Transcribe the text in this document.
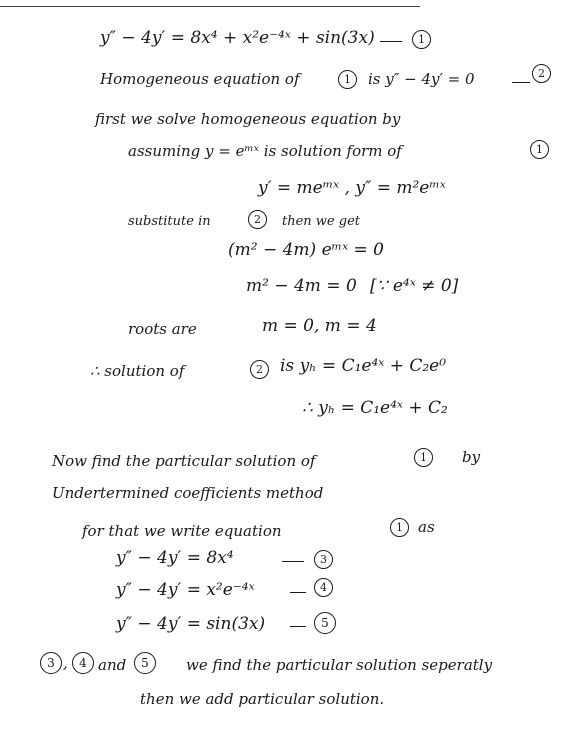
y″ − 4y′ = 8x⁴ + x²e⁻⁴ˣ + sin(3x)	1
Homogeneous equation of	1	is y″ − 4y′ = 0	2
first we solve homogeneous equation by
assuming y = eᵐˣ is solution form of	1
y′ = meᵐˣ , y″ = m²eᵐˣ
substitute in	2	then we get
(m² − 4m) eᵐˣ = 0
m² − 4m = 0 [∵ e⁴ˣ ≠ 0]
roots are	m = 0, m = 4
∴ solution of	2	is yₕ = C₁e⁴ˣ + C₂e⁰
∴ yₕ = C₁e⁴ˣ + C₂
Now find the particular solution of	1	by
Undertermined coefficients method
for that we write equation	1	as
y″ − 4y′ = 8x⁴	3
y″ − 4y′ = x²e⁻⁴ˣ	4
y″ − 4y′ = sin(3x)	5
3 , 4 and	5	we find the particular solution seperatly
then we add particular solution.
